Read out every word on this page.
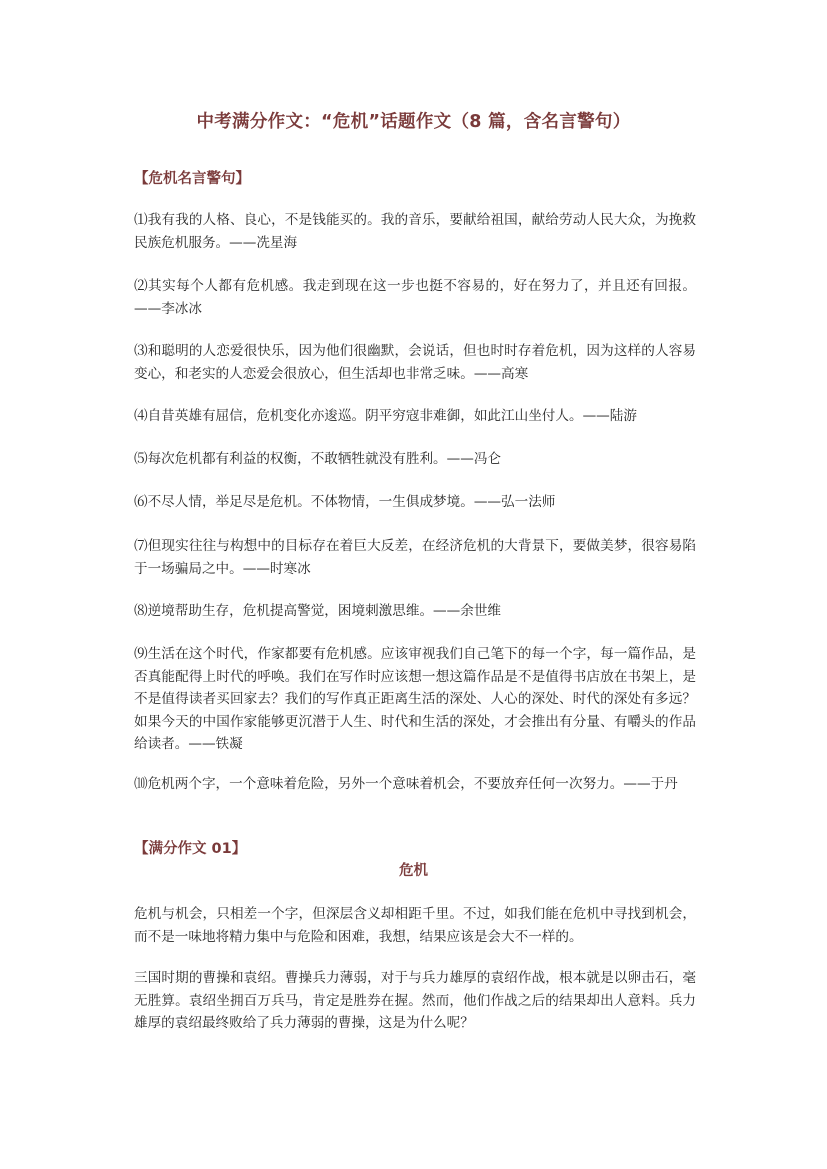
中考满分作文：“危机”话题作文（8 篇，含名言警句）
【危机名言警句】

⑴我有我的人格、良心，不是钱能买的。我的音乐，要献给祖国，献给劳动人民大众，为挽救民族危机服务。——冼星海

⑵其实每个人都有危机感。我走到现在这一步也挺不容易的，好在努力了，并且还有回报。——李冰冰

⑶和聪明的人恋爱很快乐，因为他们很幽默，会说话，但也时时存着危机，因为这样的人容易变心，和老实的人恋爱会很放心，但生活却也非常乏味。——高寒

⑷自昔英雄有屈信，危机变化亦逡巡。阴平穷寇非难御，如此江山坐付人。——陆游

⑸每次危机都有利益的权衡，不敢牺牲就没有胜利。——冯仑

⑹不尽人情，举足尽是危机。不体物情，一生俱成梦境。——弘一法师

⑺但现实往往与构想中的目标存在着巨大反差，在经济危机的大背景下，要做美梦，很容易陷于一场骗局之中。——时寒冰

⑻逆境帮助生存，危机提高警觉，困境刺激思维。——余世维

⑼生活在这个时代，作家都要有危机感。应该审视我们自己笔下的每一个字，每一篇作品，是否真能配得上时代的呼唤。我们在写作时应该想一想这篇作品是不是值得书店放在书架上，是不是值得读者买回家去？我们的写作真正距离生活的深处、人心的深处、时代的深处有多远？如果今天的中国作家能够更沉潜于人生、时代和生活的深处，才会推出有分量、有嚼头的作品给读者。——铁凝

⑽危机两个字，一个意味着危险，另外一个意味着机会，不要放弃任何一次努力。——于丹

【满分作文 01】
危机

危机与机会，只相差一个字，但深层含义却相距千里。不过，如我们能在危机中寻找到机会，而不是一味地将精力集中与危险和困难，我想，结果应该是会大不一样的。

三国时期的曹操和袁绍。曹操兵力薄弱，对于与兵力雄厚的袁绍作战，根本就是以卵击石，毫无胜算。袁绍坐拥百万兵马，肯定是胜券在握。然而，他们作战之后的结果却出人意料。兵力雄厚的袁绍最终败给了兵力薄弱的曹操，这是为什么呢？
